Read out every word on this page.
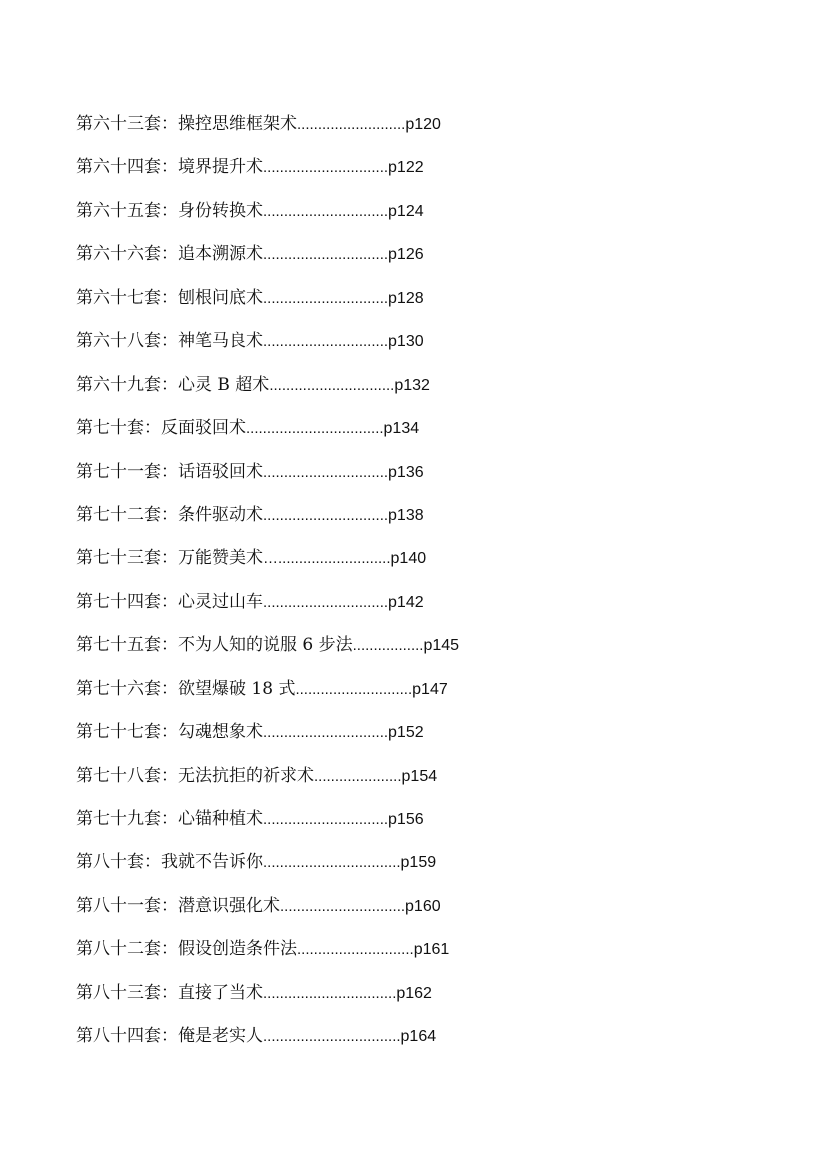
第六十三套：操控思维框架术 .......................... p120
第六十四套：境界提升术 .............................. p122
第六十五套：身份转换术 .............................. p124
第六十六套：追本溯源术 .............................. p126
第六十七套：刨根问底术 .............................. p128
第六十八套：神笔马良术 .............................. p130
第六十九套：心灵 B 超术 .............................. p132
第七十套：反面驳回术 ................................. p134
第七十一套：话语驳回术 .............................. p136
第七十二套：条件驱动术 .............................. p138
第七十三套：万能赞美术 …........................... p140
第七十四套：心灵过山车 .............................. p142
第七十五套：不为人知的说服 6 步法 ................. p145
第七十六套：欲望爆破 18 式 ............................ p147
第七十七套：勾魂想象术 .............................. p152
第七十八套：无法抗拒的祈求术 ..................... p154
第七十九套：心锚种植术 .............................. p156
第八十套：我就不告诉你 ................................. p159
第八十一套：潜意识强化术 .............................. p160
第八十二套：假设创造条件法 ............................ p161
第八十三套：直接了当术 ................................ p162
第八十四套：俺是老实人 ................................. p164
